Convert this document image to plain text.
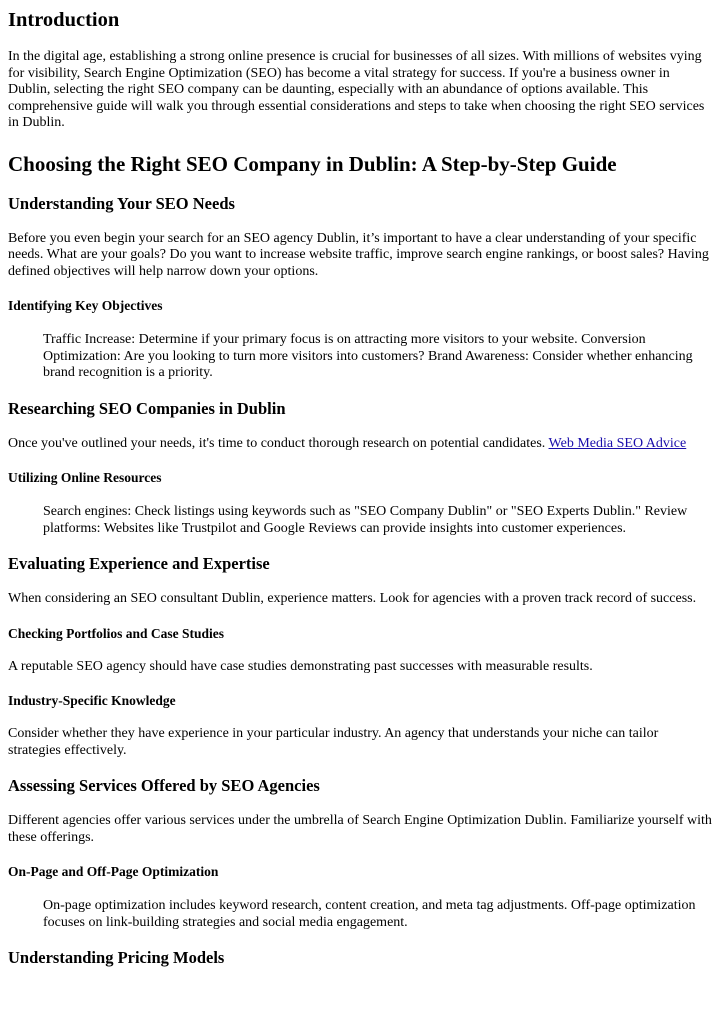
Introduction

In the digital age, establishing a strong online presence is crucial for businesses of all sizes. With millions of websites vying for visibility, Search Engine Optimization (SEO) has become a vital strategy for success. If you're a business owner in Dublin, selecting the right SEO company can be daunting, especially with an abundance of options available. This comprehensive guide will walk you through essential considerations and steps to take when choosing the right SEO services in Dublin.

Choosing the Right SEO Company in Dublin: A Step-by-Step Guide
Understanding Your SEO Needs

Before you even begin your search for an SEO agency Dublin, it’s important to have a clear understanding of your specific needs. What are your goals? Do you want to increase website traffic, improve search engine rankings, or boost sales? Having defined objectives will help narrow down your options.

Identifying Key Objectives
Traffic Increase: Determine if your primary focus is on attracting more visitors to your website. Conversion Optimization: Are you looking to turn more visitors into customers? Brand Awareness: Consider whether enhancing brand recognition is a priority.
Researching SEO Companies in Dublin

Once you've outlined your needs, it's time to conduct thorough research on potential candidates. Web Media SEO Advice

Utilizing Online Resources
Search engines: Check listings using keywords such as "SEO Company Dublin" or "SEO Experts Dublin." Review platforms: Websites like Trustpilot and Google Reviews can provide insights into customer experiences.
Evaluating Experience and Expertise

When considering an SEO consultant Dublin, experience matters. Look for agencies with a proven track record of success.

Checking Portfolios and Case Studies

A reputable SEO agency should have case studies demonstrating past successes with measurable results.

Industry-Specific Knowledge

Consider whether they have experience in your particular industry. An agency that understands your niche can tailor strategies effectively.

Assessing Services Offered by SEO Agencies

Different agencies offer various services under the umbrella of Search Engine Optimization Dublin. Familiarize yourself with these offerings.

On-Page and Off-Page Optimization
On-page optimization includes keyword research, content creation, and meta tag adjustments. Off-page optimization focuses on link-building strategies and social media engagement.
Understanding Pricing Models
